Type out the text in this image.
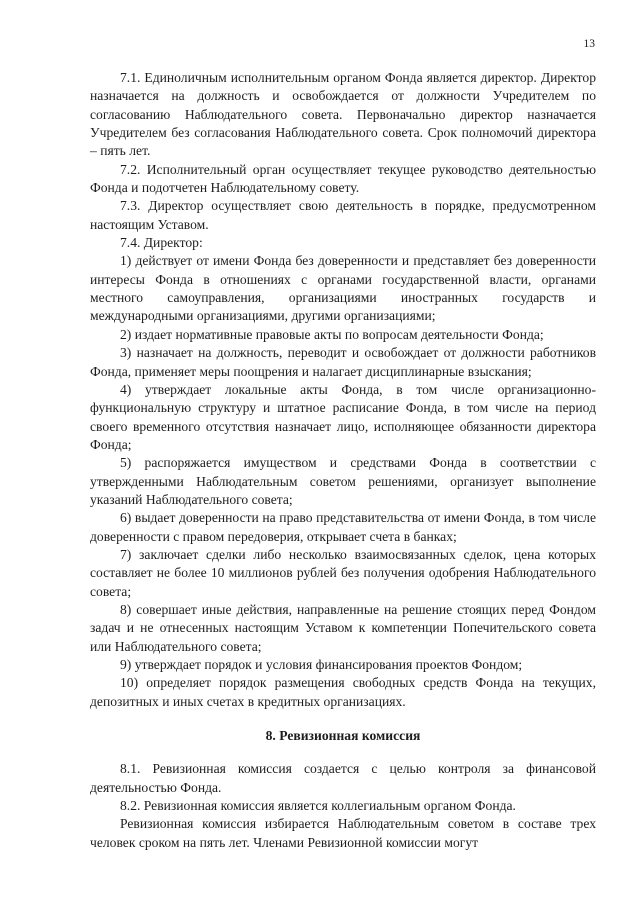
13

7.1. Единоличным исполнительным органом Фонда является директор. Директор назначается на должность и освобождается от должности Учредителем по согласованию Наблюдательного совета. Первоначально директор назначается Учредителем без согласования Наблюдательного совета. Срок полномочий директора – пять лет.

7.2. Исполнительный орган осуществляет текущее руководство деятельностью Фонда и подотчетен Наблюдательному совету.

7.3. Директор осуществляет свою деятельность в порядке, предусмотренном настоящим Уставом.

7.4. Директор:

1) действует от имени Фонда без доверенности и представляет без доверенности интересы Фонда в отношениях с органами государственной власти, органами местного самоуправления, организациями иностранных государств и международными организациями, другими организациями;

2) издает нормативные правовые акты по вопросам деятельности Фонда;

3) назначает на должность, переводит и освобождает от должности работников Фонда, применяет меры поощрения и налагает дисциплинарные взыскания;

4) утверждает локальные акты Фонда, в том числе организационно-функциональную структуру и штатное расписание Фонда, в том числе на период своего временного отсутствия назначает лицо, исполняющее обязанности директора Фонда;

5) распоряжается имуществом и средствами Фонда в соответствии с утвержденными Наблюдательным советом решениями, организует выполнение указаний Наблюдательного совета;

6) выдает доверенности на право представительства от имени Фонда, в том числе доверенности с правом передоверия, открывает счета в банках;

7) заключает сделки либо несколько взаимосвязанных сделок, цена которых составляет не более 10 миллионов рублей без получения одобрения Наблюдательного совета;

8) совершает иные действия, направленные на решение стоящих перед Фондом задач и не отнесенных настоящим Уставом к компетенции Попечительского совета или Наблюдательного совета;

9) утверждает порядок и условия финансирования проектов Фондом;

10) определяет порядок размещения свободных средств Фонда на текущих, депозитных и иных счетах в кредитных организациях.

8. Ревизионная комиссия

8.1. Ревизионная комиссия создается с целью контроля за финансовой деятельностью Фонда.

8.2. Ревизионная комиссия является коллегиальным органом Фонда.

Ревизионная комиссия избирается Наблюдательным советом в составе трех человек сроком на пять лет. Членами Ревизионной комиссии могут
